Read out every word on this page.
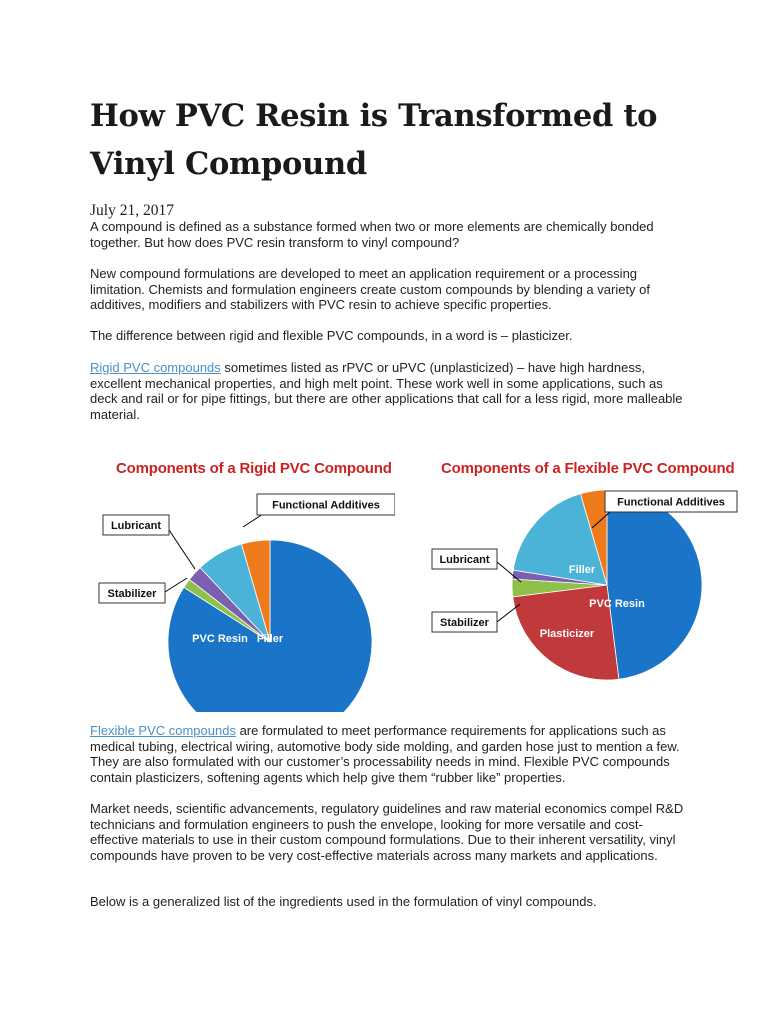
How PVC Resin is Transformed to Vinyl Compound
July 21, 2017

A compound is defined as a substance formed when two or more elements are chemically bonded together. But how does PVC resin transform to vinyl compound?

New compound formulations are developed to meet an application requirement or a processing limitation. Chemists and formulation engineers create custom compounds by blending a variety of additives, modifiers and stabilizers with PVC resin to achieve specific properties.

The difference between rigid and flexible PVC compounds, in a word is – plasticizer.

Rigid PVC compounds sometimes listed as rPVC or uPVC (unplasticized) – have high hardness, excellent mechanical properties, and high melt point. These work well in some applications, such as deck and rail or for pipe fittings, but there are other applications that call for a less rigid, more malleable material.

Components of a Rigid PVC Compound
PVC Resin Filler
Stabilizer
Lubricant
Functional Additives
Components of a Flexible PVC Compound
PVC Resin
Plasticizer
Filler
Stabilizer
Lubricant
Functional Additives

Flexible PVC compounds are formulated to meet performance requirements for applications such as medical tubing, electrical wiring, automotive body side molding, and garden hose just to mention a few. They are also formulated with our customer’s processability needs in mind. Flexible PVC compounds contain plasticizers, softening agents which help give them “rubber like” properties.

Market needs, scientific advancements, regulatory guidelines and raw material economics compel R&D technicians and formulation engineers to push the envelope, looking for more versatile and cost-effective materials to use in their custom compound formulations. Due to their inherent versatility, vinyl compounds have proven to be very cost-effective materials across many markets and applications.

Below is a generalized list of the ingredients used in the formulation of vinyl compounds.
